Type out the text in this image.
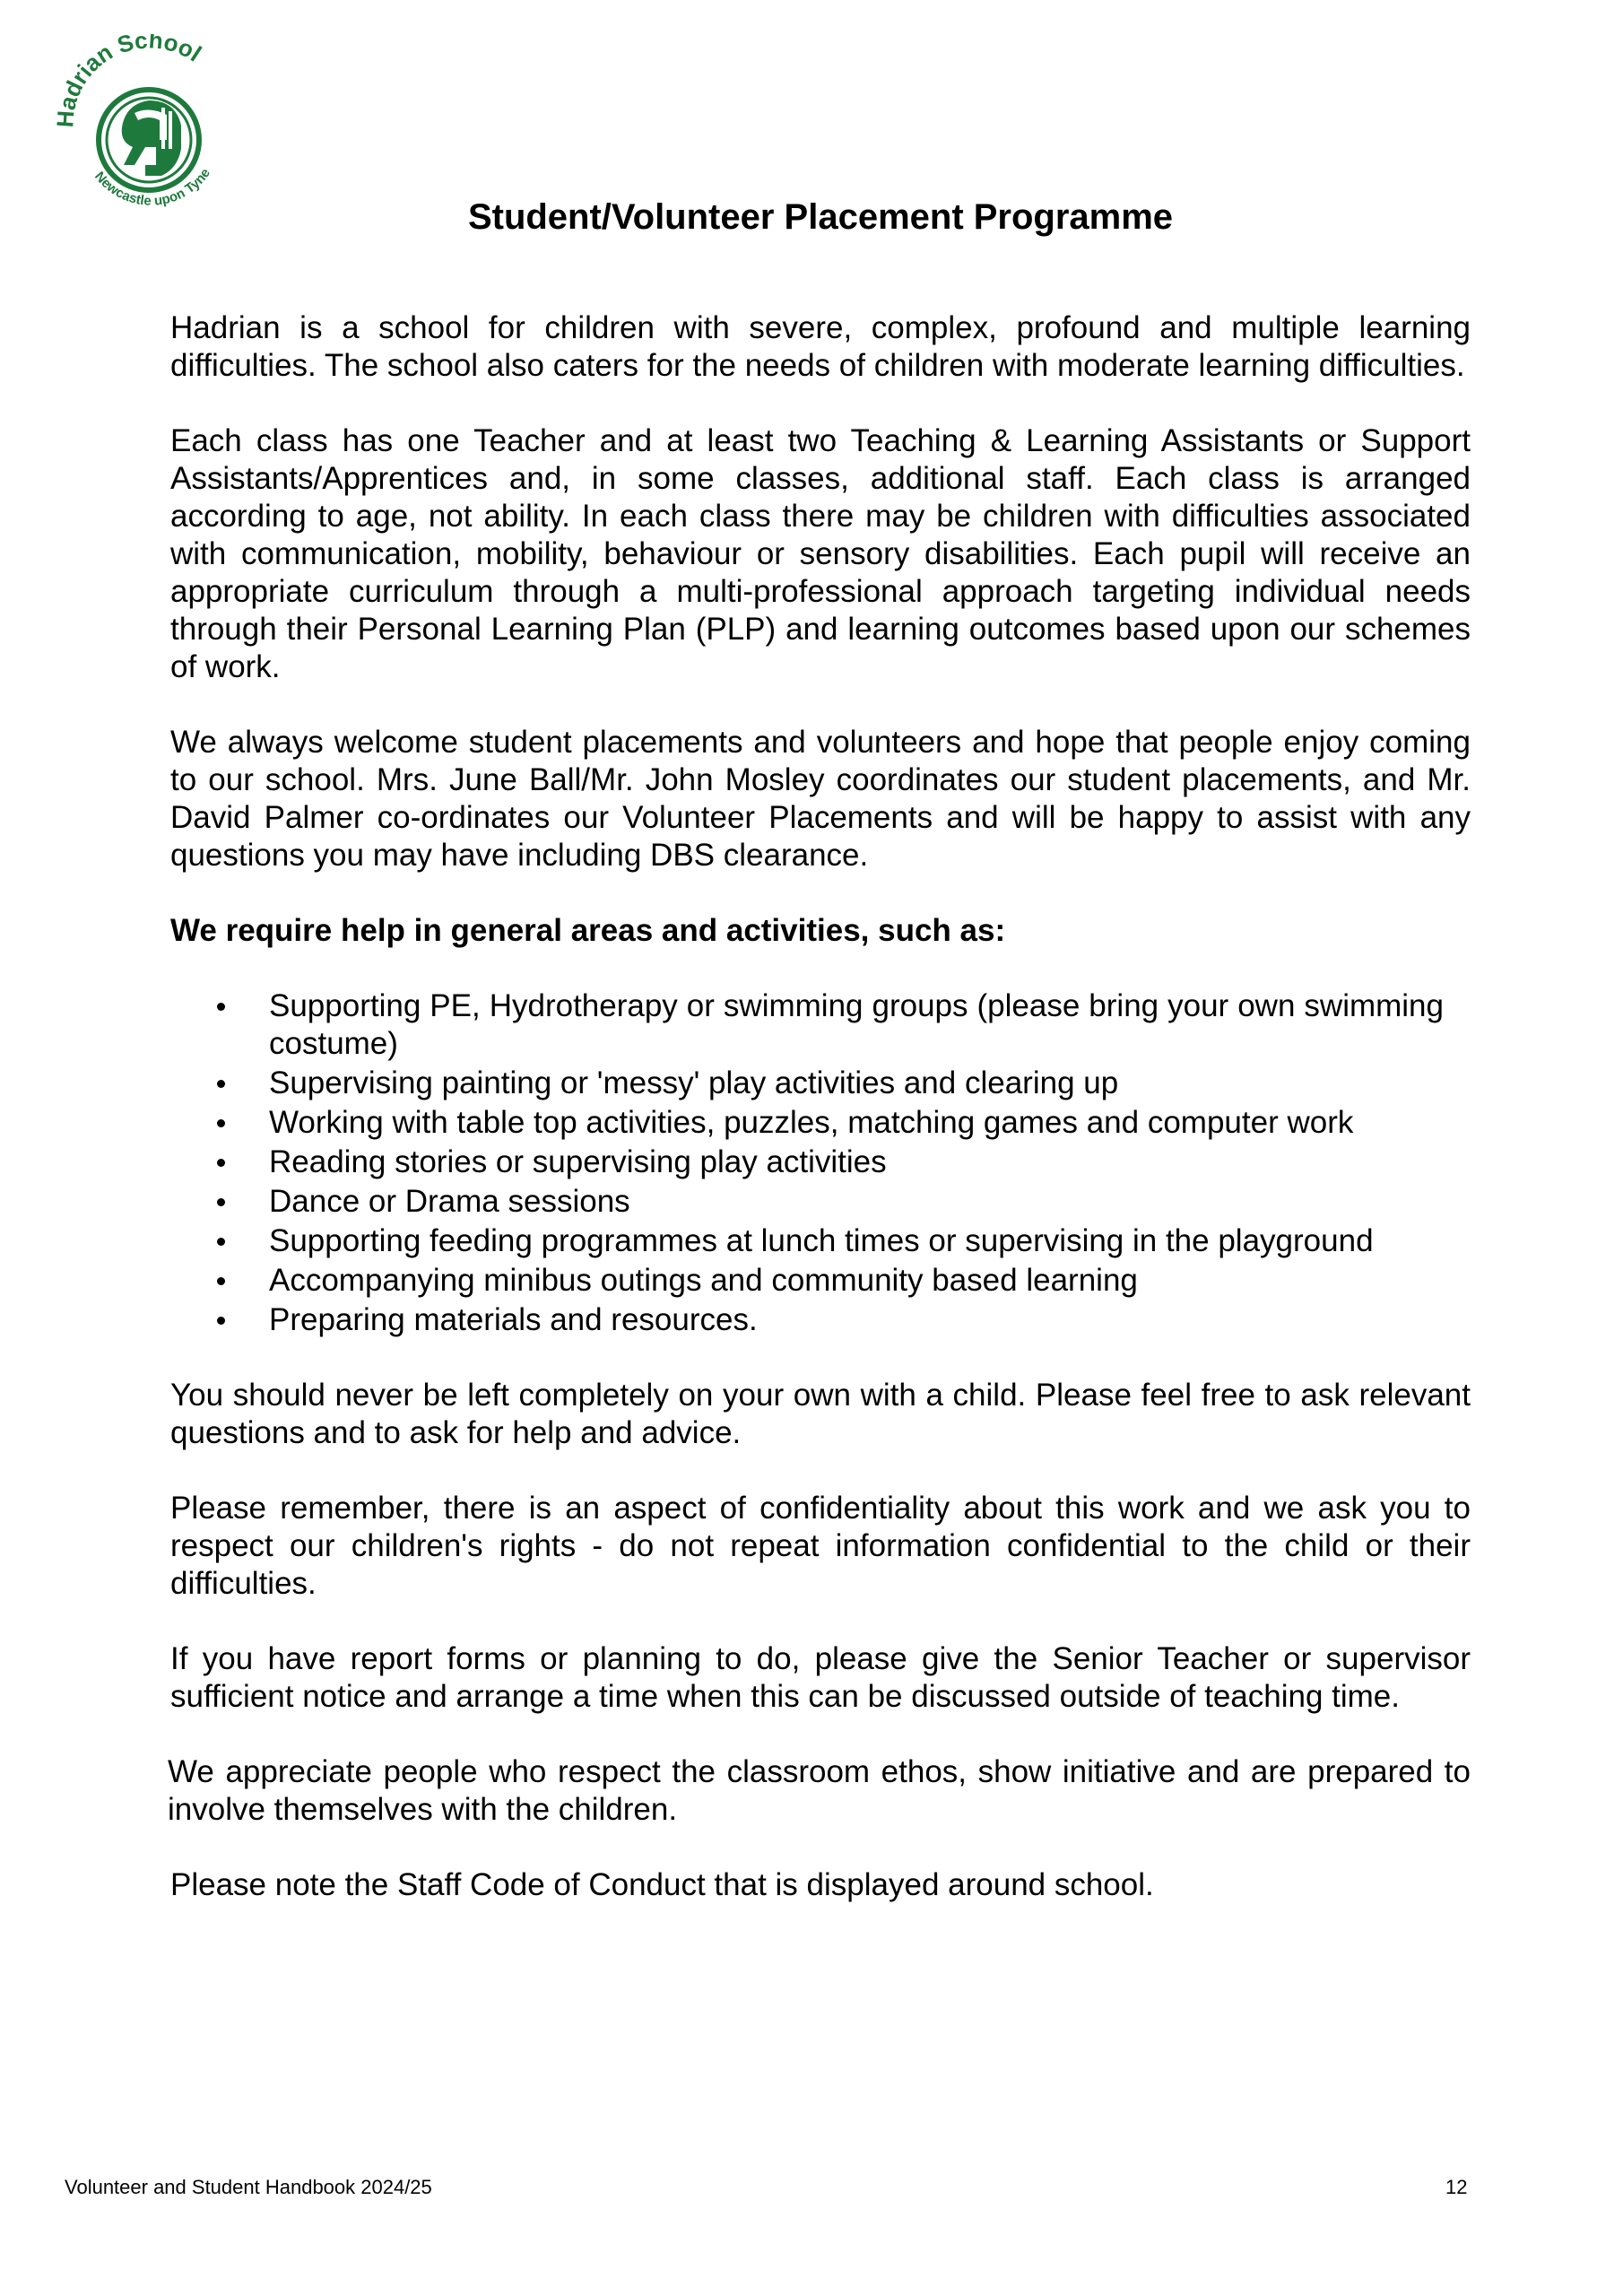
adrian School
Newcastle upon Tyne
Student/Volunteer Placement Programme

Hadrian is a school for children with severe, complex, profound and multiple learning difficulties. The school also caters for the needs of children with moderate learning difficulties.

Each class has one Teacher and at least two Teaching & Learning Assistants or Support Assistants/Apprentices and, in some classes, additional staff. Each class is arranged according to age, not ability. In each class there may be children with difficulties associated with communication, mobility, behaviour or sensory disabilities. Each pupil will receive an appropriate curriculum through a multi-professional approach targeting individual needs through their Personal Learning Plan (PLP) and learning outcomes based upon our schemes of work.

We always welcome student placements and volunteers and hope that people enjoy coming to our school. Mrs. June Ball/Mr. John Mosley coordinates our student placements, and Mr. David Palmer co-ordinates our Volunteer Placements and will be happy to assist with any questions you may have including DBS clearance.

We require help in general areas and activities, such as:

Supporting PE, Hydrotherapy or swimming groups (please bring your own swimming costume)
Supervising painting or 'messy' play activities and clearing up
Working with table top activities, puzzles, matching games and computer work
Reading stories or supervising play activities
Dance or Drama sessions
Supporting feeding programmes at lunch times or supervising in the playground
Accompanying minibus outings and community based learning
Preparing materials and resources.

You should never be left completely on your own with a child. Please feel free to ask relevant questions and to ask for help and advice.

Please remember, there is an aspect of confidentiality about this work and we ask you to respect our children's rights - do not repeat information confidential to the child or their difficulties.

If you have report forms or planning to do, please give the Senior Teacher or supervisor sufficient notice and arrange a time when this can be discussed outside of teaching time.

We appreciate people who respect the classroom ethos, show initiative and are prepared to involve themselves with the children.

Please note the Staff Code of Conduct that is displayed around school.

Volunteer and Student Handbook 2024/25	12
